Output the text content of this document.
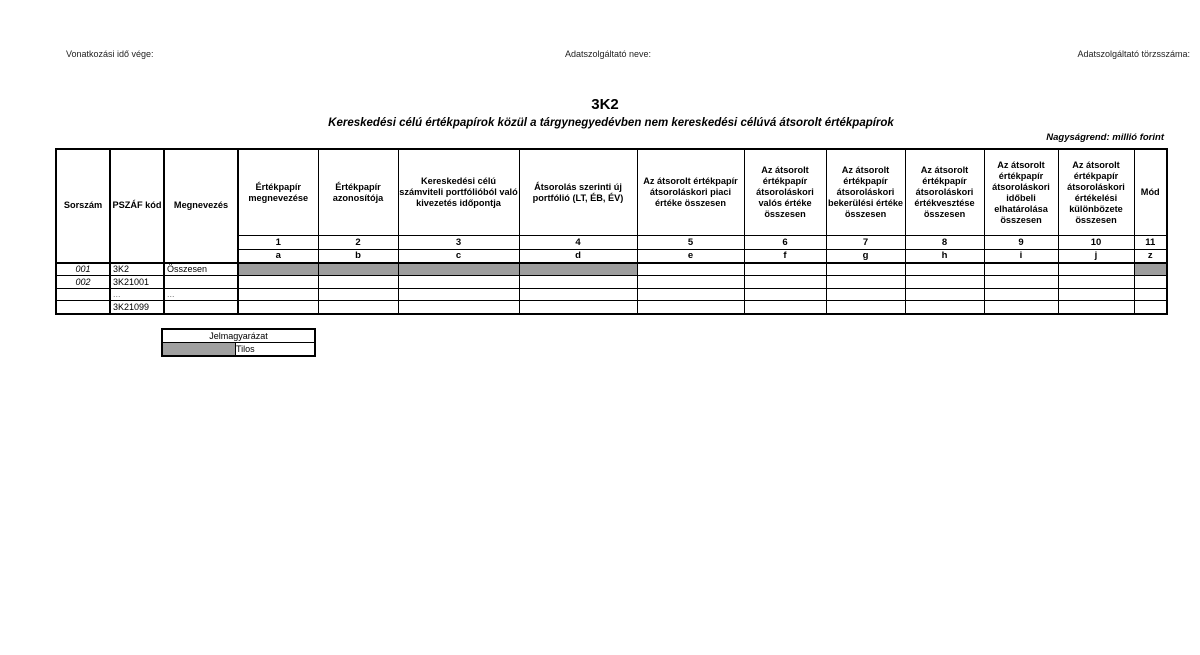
Vonatkozási idő vége:	Adatszolgáltató neve:	Adatszolgáltató törzsszáma:
3K2
Kereskedési célú értékpapírok közül a tárgynegyedévben nem kereskedési célúvá átsorolt értékpapírok
Nagyságrend: millió forint
Sorszám	PSZÁF kód	Megnevezés	Értékpapír megnevezése	Értékpapír azonosítója	Kereskedési célú számviteli portfólióból való kivezetés időpontja	Átsorolás szerinti új portfólió (LT, ÉB, ÉV)	Az átsorolt értékpapír átsoroláskori piaci értéke összesen	Az átsorolt értékpapír átsoroláskori valós értéke összesen	Az átsorolt értékpapír átsoroláskori bekerülési értéke összesen	Az átsorolt értékpapír átsoroláskori értékvesztése összesen	Az átsorolt értékpapír átsoroláskori időbeli elhatárolása összesen	Az átsorolt értékpapír átsoroláskori értékelési különbözete összesen	Mód
			1	2	3	4	5	6	7	8	9	10	11
			a	b	c	d	e	f	g	h	i	j	z
001	3K2	Összesen											
002	3K21001												
	...	...											
	3K21099												
Jelmagyarázat
	Tilos
